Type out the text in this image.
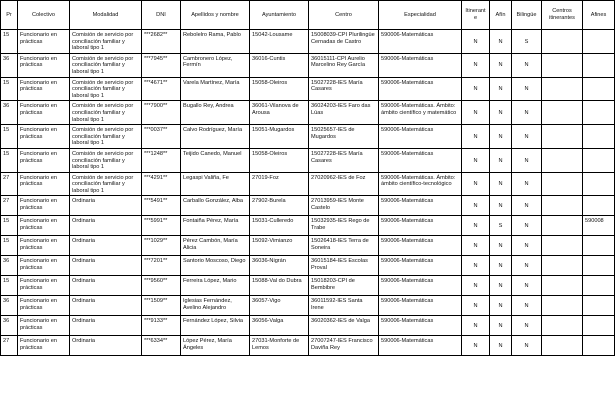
Pr	Colectivo	Modalidad	DNI	Apellidos y nombre	Ayuntamiento	Centro	Especialidad	Itinerante	Afín	Bilingüe	Centros itinerantes	Afines
15	Funcionario en prácticas	Comisión de servicio por conciliación familiar y laboral tipo 1	***2682**	Rebolelro Rama, Pablo	15042-Lousame	15008039-CPI Plurilingüe Cernadas de Castro	590006-Matemáticas	N	N	S		
36	Funcionario en prácticas	Comisión de servicio por conciliación familiar y laboral tipo 1	***7945**	Cambronero López, Fermín	36016-Cuntis	36015111-CPI Aurelio Marcelino Rey García	590006-Matemáticas	N	N	N		
15	Funcionario en prácticas	Comisión de servicio por conciliación familiar y laboral tipo 1	***4671**	Varela Martínez, María	15058-Oleiros	15027228-IES María Casares	590006-Matemáticas	N	N	N		
36	Funcionario en prácticas	Comisión de servicio por conciliación familiar y laboral tipo 1	***7900**	Bugallo Rey, Andrea	36061-Vilanova de Arousa	36024203-IES Faro das Lúas	590006-Matemáticas. Ámbito: ámbito científico y matemático	N	N	N		
15	Funcionario en prácticas	Comisión de servicio por conciliación familiar y laboral tipo 1	***0037**	Calvo Rodríguez, María	15051-Mugardos	15025657-IES de Mugardos	590006-Matemáticas	N	N	N		
15	Funcionario en prácticas	Comisión de servicio por conciliación familiar y laboral tipo 1	***1248**	Teijido Canedo, Manuel	15058-Oleiros	15027228-IES María Casares	590006-Matemáticas	N	N	N		
27	Funcionario en prácticas	Comisión de servicio por conciliación familiar y laboral tipo 1	***4291**	Legaspi Valiña, Fe	27019-Foz	27020962-IES de Foz	590006-Matemáticas. Ámbito: ámbito científico-tecnológico	N	N	N		
27	Funcionario en prácticas	Ordinaria	***5491**	Carballo González, Alba	27902-Burela	27013959-IES Monte Castelo	590006-Matemáticas	N	N	N		
15	Funcionario en prácticas	Ordinaria	***5991**	Fontaiña Pérez, María	15031-Culleredo	15032935-IES Rego de Trabe	590006-Matemáticas	N	S	N		590008
15	Funcionario en prácticas	Ordinaria	***1029**	Pérez Cambón, María Alicia	15092-Vimianzo	15026418-IES Terra de Soneira	590006-Matemáticas	N	N	N		
36	Funcionario en prácticas	Ordinaria	***7201**	Santorio Moscoso, Diego	36036-Nigrán	36015184-IES Escolas Proval	590006-Matemáticas	N	N	N		
15	Funcionario en prácticas	Ordinaria	***9560**	Ferreira López, Mario	15088-Val do Dubra	15018203-CPI de Bembibre	590006-Matemáticas	N	N	N		
36	Funcionario en prácticas	Ordinaria	***1509**	Iglesias Fernández, Avelino Alejandro	36057-Vigo	36011592-IES Santa Irene	590006-Matemáticas	N	N	N		
36	Funcionario en prácticas	Ordinaria	***9133**	Fernández López, Silvia	36056-Valga	36020362-IES de Valga	590006-Matemáticas	N	N	N		
27	Funcionario en prácticas	Ordinaria	***6334**	López Pérez, María Ángeles	27031-Monforte de Lemos	27007247-IES Francisco Daviña Rey	590006-Matemáticas	N	N	N		
